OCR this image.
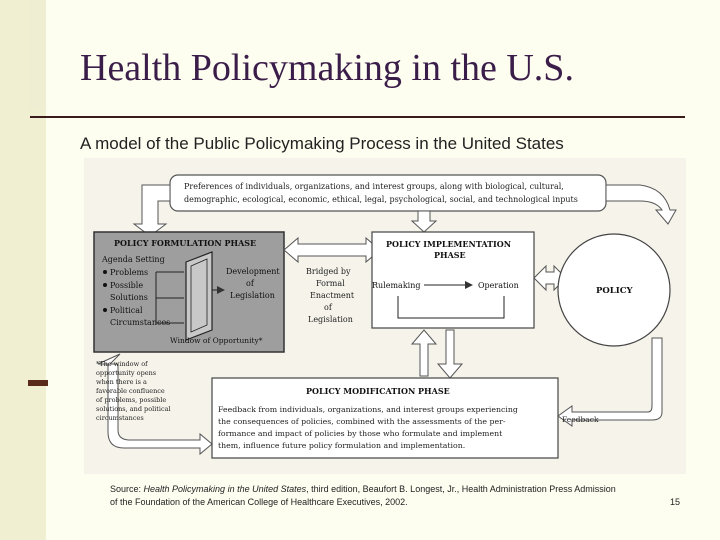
Health Policymaking in the U.S.
A model of the Public Policymaking Process in the United States
Preferences of individuals, organizations, and interest groups, along with biological, cultural,
demographic, ecological, economic, ethical, legal, psychological, social, and technological inputs
POLICY FORMULATION PHASE
Agenda Setting
Problems
Possible
Solutions
Political
Circumstances
Development
of
Legislation
Window of Opportunity*
Bridged by
Formal
Enactment
of
Legislation
POLICY IMPLEMENTATION
PHASE
Rulemaking	Operation
POLICY
*The window of
opportunity opens
when there is a
favorable confluence
of problems, possible
solutions, and political
circumstances
POLICY MODIFICATION PHASE
Feedback from individuals, organizations, and interest groups experiencing
the consequences of policies, combined with the assessments of the per-
formance and impact of policies by those who formulate and implement
them, influence future policy formulation and implementation.
Feedback
Source: Health Policymaking in the United States, third edition, Beaufort B. Longest, Jr., Health Administration Press Admission
of the Foundation of the American College of Healthcare Executives, 2002.	15
